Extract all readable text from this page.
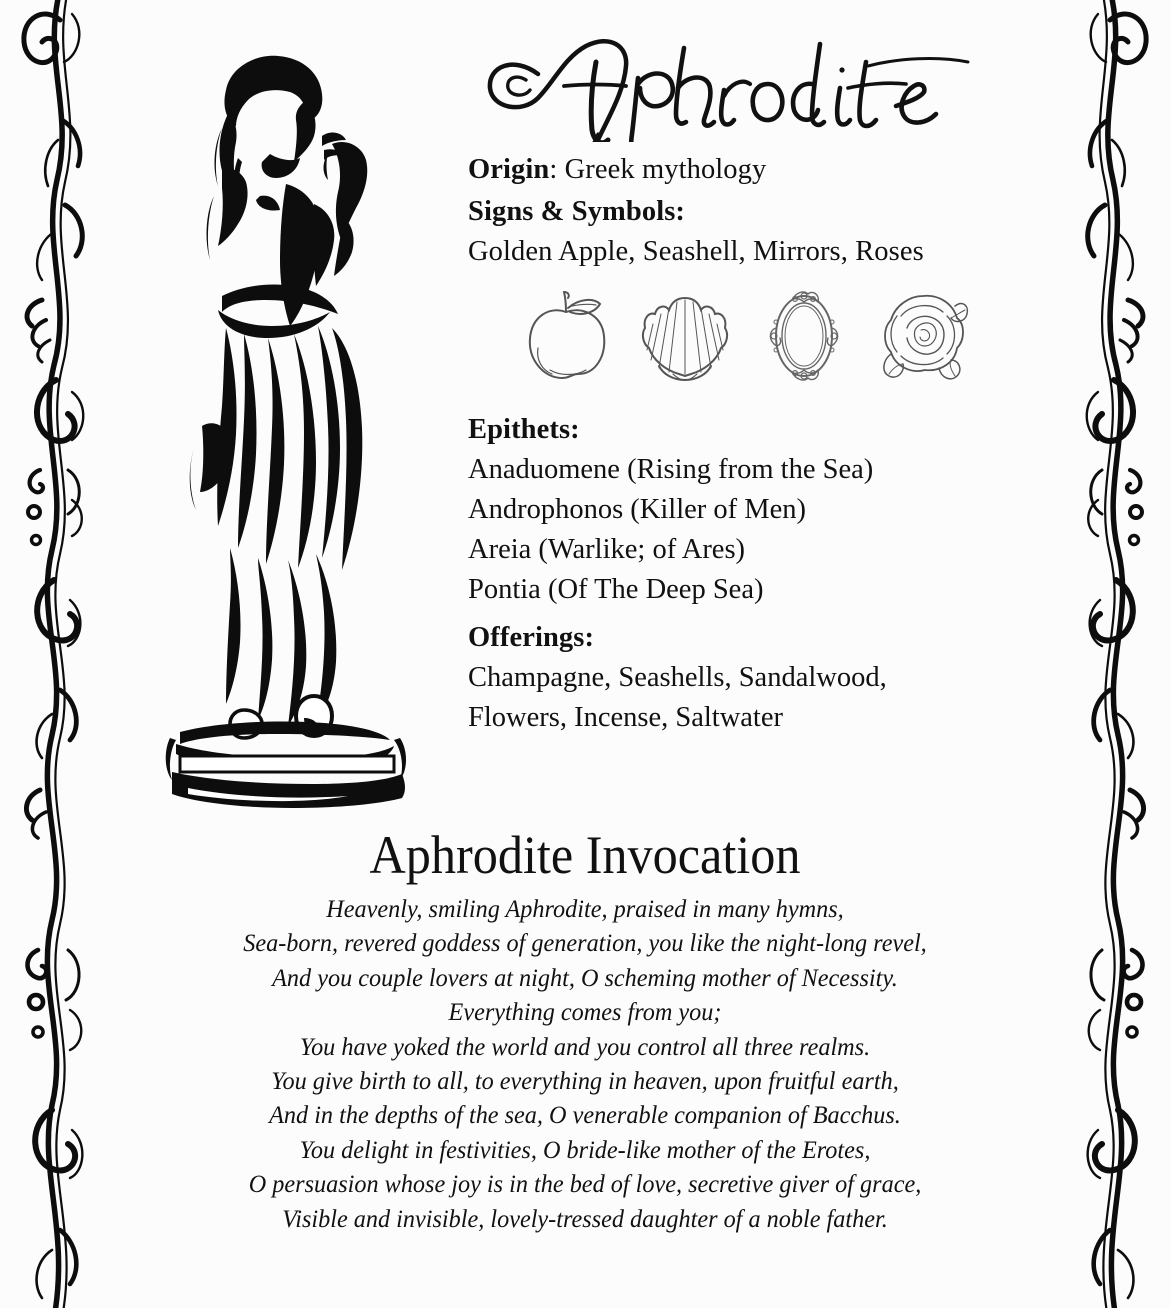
Origin: Greek mythology
Signs & Symbols:
Golden Apple, Seashell, Mirrors, Roses
Epithets:
Anaduomene (Rising from the Sea)
Androphonos (Killer of Men)
Areia (Warlike; of Ares)
Pontia (Of The Deep Sea)
Offerings:
Champagne, Seashells, Sandalwood,
Flowers, Incense, Saltwater
Aphrodite Invocation
Heavenly, smiling Aphrodite, praised in many hymns,
Sea-born, revered goddess of generation, you like the night-long revel,
And you couple lovers at night, O scheming mother of Necessity.
Everything comes from you;
You have yoked the world and you control all three realms.
You give birth to all, to everything in heaven, upon fruitful earth,
And in the depths of the sea, O venerable companion of Bacchus.
You delight in festivities, O bride-like mother of the Erotes,
O persuasion whose joy is in the bed of love, secretive giver of grace,
Visible and invisible, lovely-tressed daughter of a noble father.
